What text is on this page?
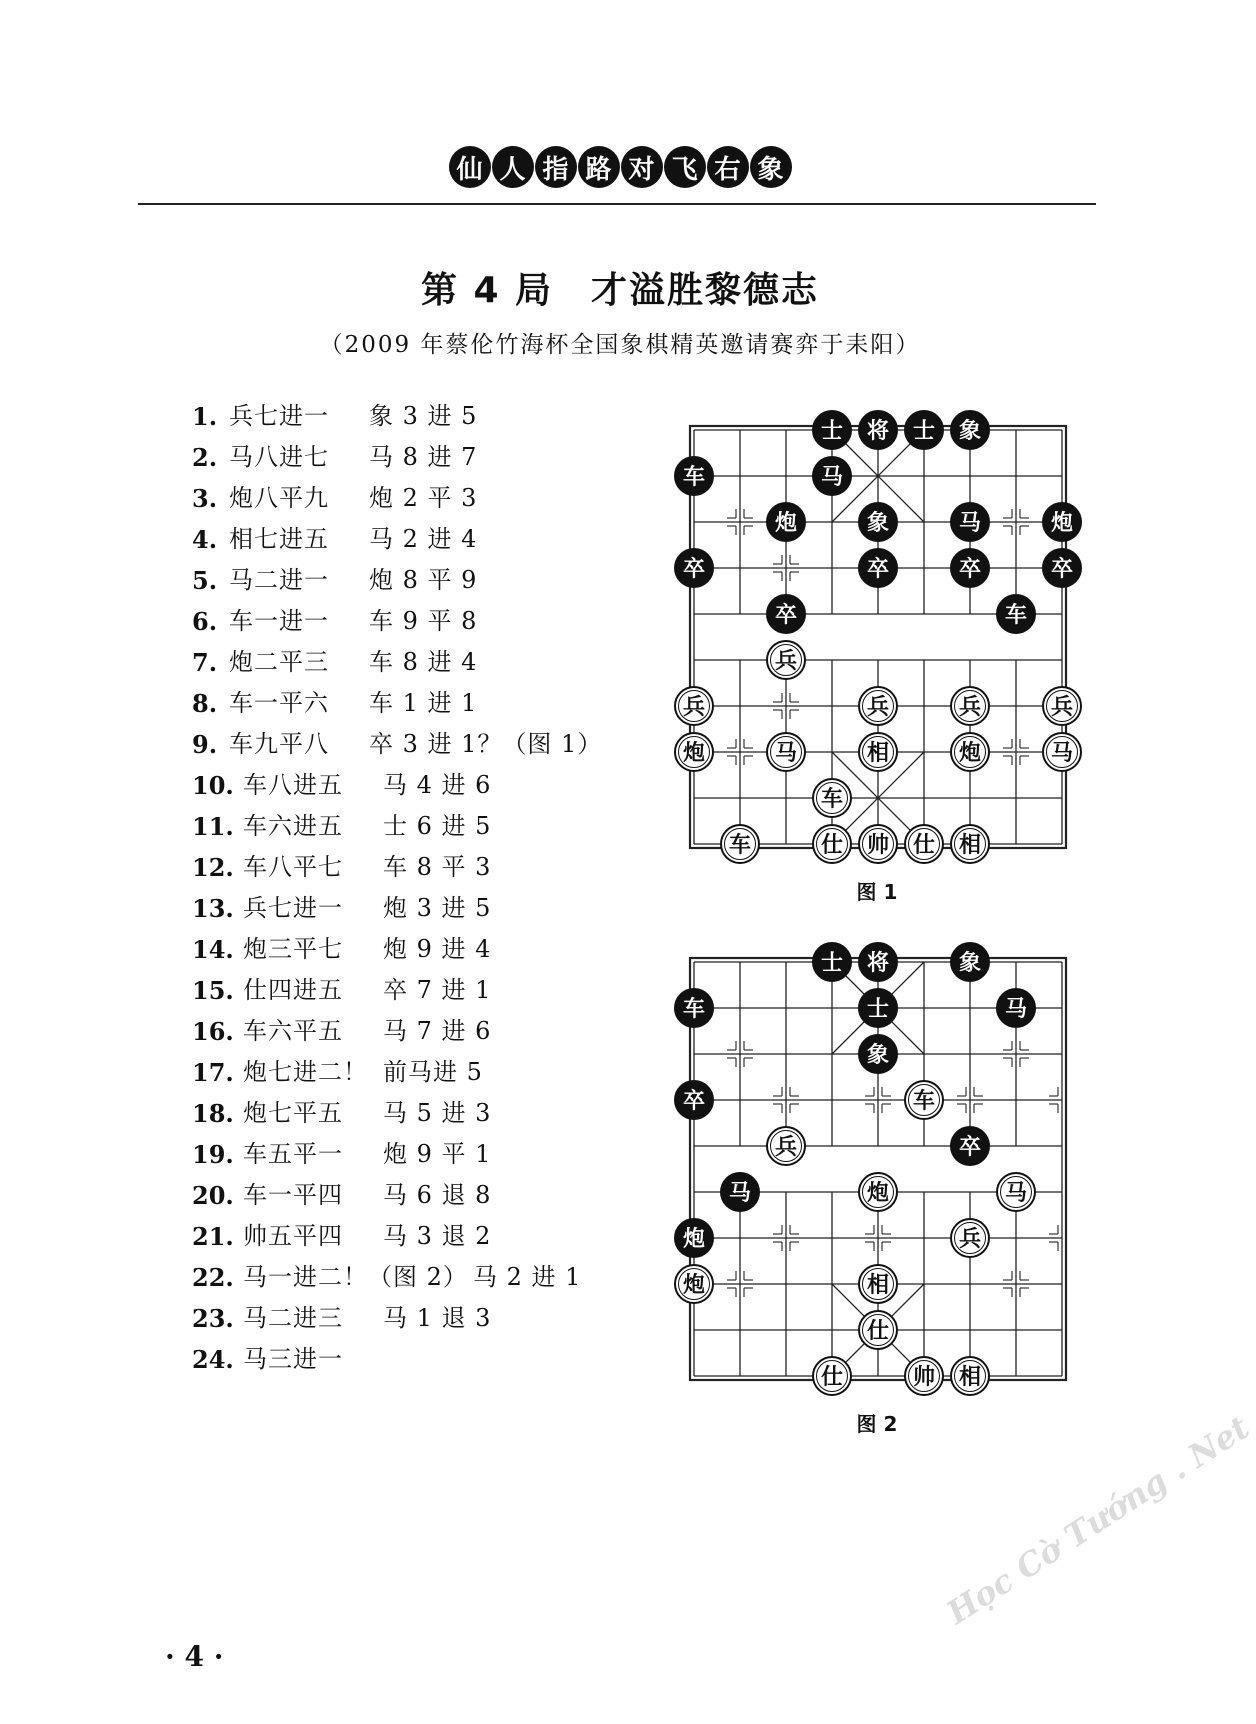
仙 人 指 路 对 飞 右 象
第 4 局　才溢胜黎德志
（2009 年蔡伦竹海杯全国象棋精英邀请赛弈于耒阳）
1. 兵七进一	象 3 进 5
2. 马八进七	马 8 进 7
3. 炮八平九	炮 2 平 3
4. 相七进五	马 2 进 4
5. 马二进一	炮 8 平 9
6. 车一进一	车 9 平 8
7. 炮二平三	车 8 进 4
8. 车一平六	车 1 进 1
9. 车九平八	卒 3 进 1？（图 1）
10. 车八进五	马 4 进 6
11. 车六进五	士 6 进 5
12. 车八平七	车 8 平 3
13. 兵七进一	炮 3 进 5
14. 炮三平七	炮 9 进 4
15. 仕四进五	卒 7 进 1
16. 车六平五	马 7 进 6
17. 炮七进二！ 前马进 5
18. 炮七平五	马 5 进 3
19. 车五平一	炮 9 平 1
20. 车一平四	马 6 退 8
21. 帅五平四	马 3 退 2
22. 马一进二！（图 2） 马 2 进 1
23. 马二进三	马 1 退 3
24. 马三进一
士 将 士 象
车	马
炮	象	马	炮
卒	卒	卒	卒
卒	车
兵
兵	兵	兵	兵
炮	马	相	炮	马
车
车	仕 帅 仕 相
图 1
士 将	象
车	士	马
象
卒	车
兵	卒
马	炮	马
炮	兵
炮	相
仕
仕	帅 相
图 2
· 4 ·
Học Cờ Tướng . Net
